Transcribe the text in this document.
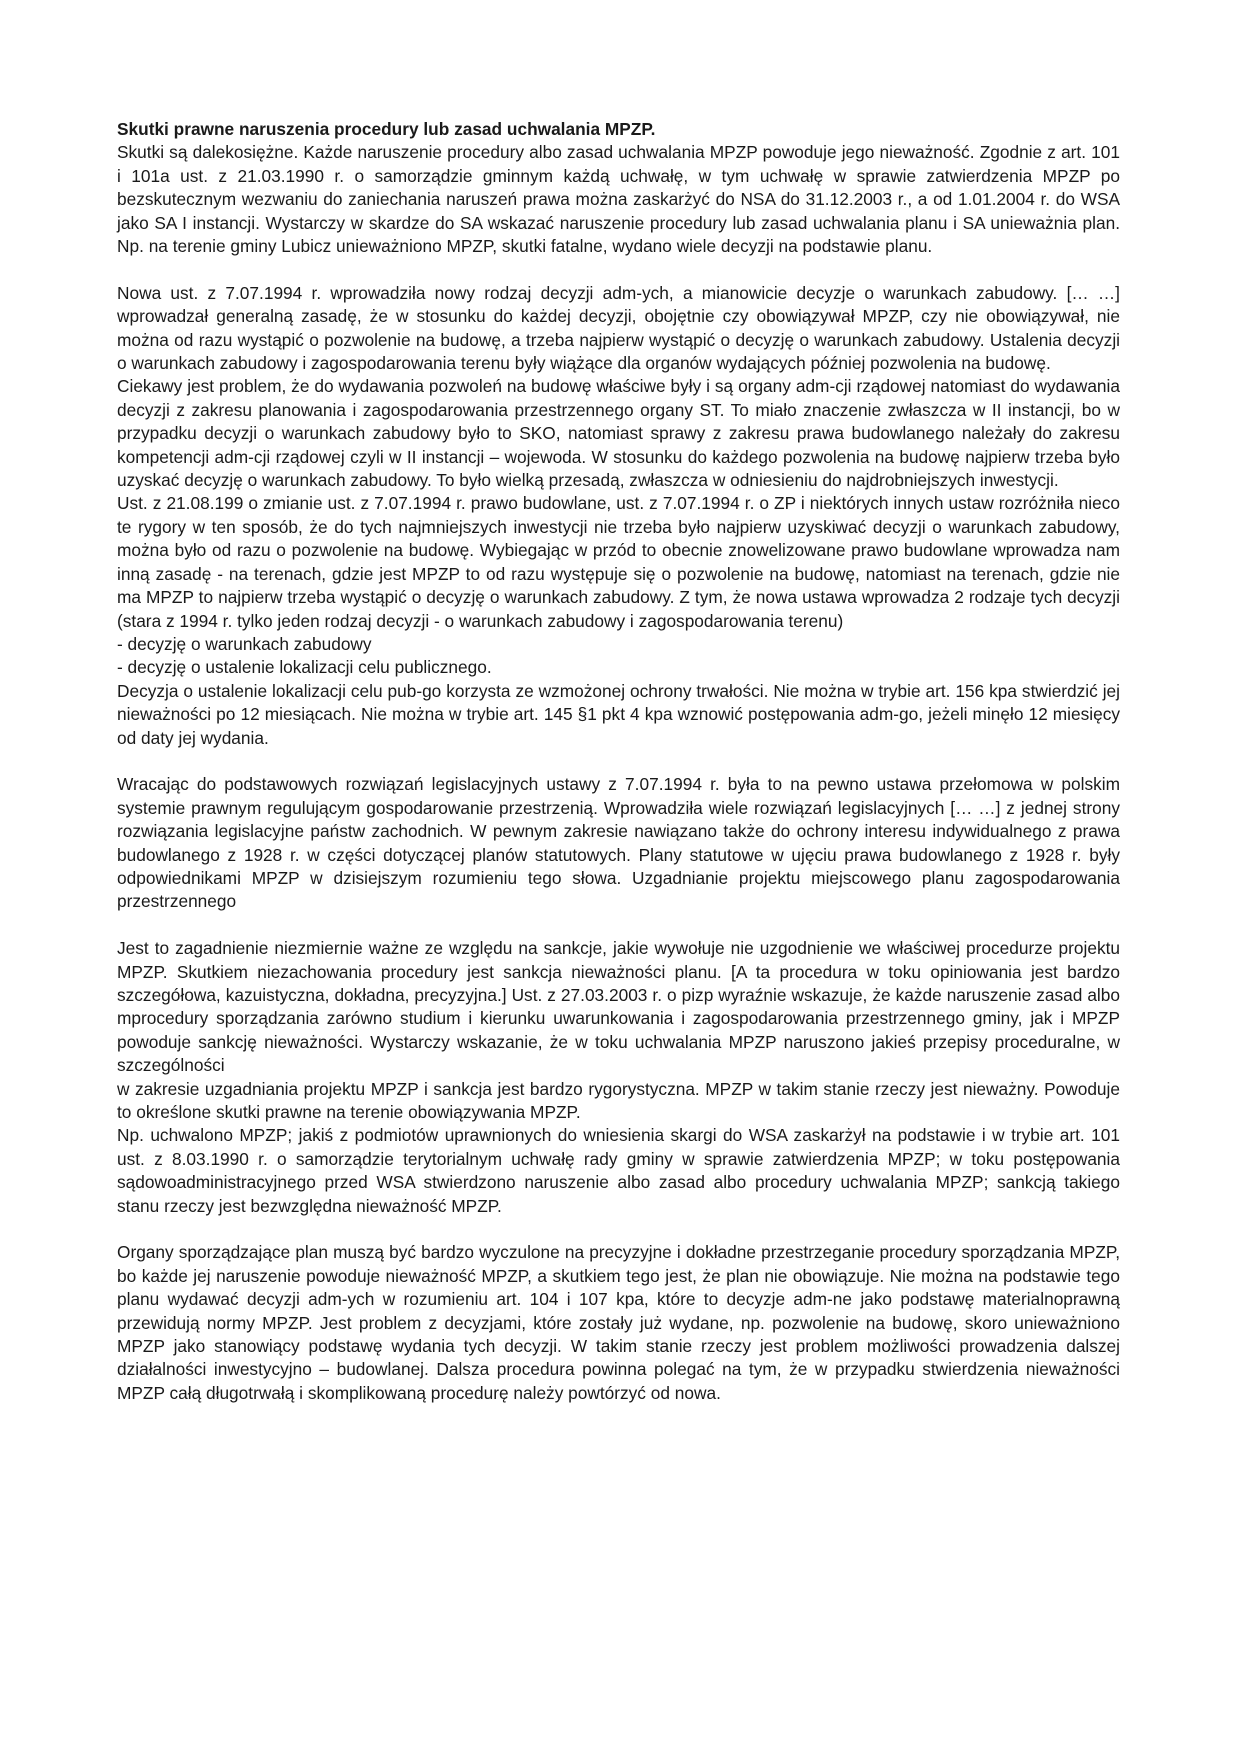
Skutki prawne naruszenia procedury lub zasad uchwalania MPZP.

Skutki są dalekosiężne. Każde naruszenie procedury albo zasad uchwalania MPZP powoduje jego nieważność. Zgodnie z art. 101 i 101a ust. z 21.03.1990 r. o samorządzie gminnym każdą uchwałę, w tym uchwałę w sprawie zatwierdzenia MPZP po bezskutecznym wezwaniu do zaniechania naruszeń prawa można zaskarżyć do NSA do 31.12.2003 r., a od 1.01.2004 r. do WSA jako SA I instancji. Wystarczy w skardze do SA wskazać naruszenie procedury lub zasad uchwalania planu i SA unieważnia plan. Np. na terenie gminy Lubicz unieważniono MPZP, skutki fatalne, wydano wiele decyzji na podstawie planu.

Nowa ust. z 7.07.1994 r. wprowadziła nowy rodzaj decyzji adm-ych, a mianowicie decyzje o warunkach zabudowy. [… …] wprowadzał generalną zasadę, że w stosunku do każdej decyzji, obojętnie czy obowiązywał MPZP, czy nie obowiązywał, nie można od razu wystąpić o pozwolenie na budowę, a trzeba najpierw wystąpić o decyzję o warunkach zabudowy. Ustalenia decyzji o warunkach zabudowy i zagospodarowania terenu były wiążące dla organów wydających później pozwolenia na budowę.

Ciekawy jest problem, że do wydawania pozwoleń na budowę właściwe były i są organy adm-cji rządowej natomiast do wydawania decyzji z zakresu planowania i zagospodarowania przestrzennego organy ST. To miało znaczenie zwłaszcza w II instancji, bo w przypadku decyzji o warunkach zabudowy było to SKO, natomiast sprawy z zakresu prawa budowlanego należały do zakresu kompetencji adm-cji rządowej czyli w II instancji – wojewoda. W stosunku do każdego pozwolenia na budowę najpierw trzeba było uzyskać decyzję o warunkach zabudowy. To było wielką przesadą, zwłaszcza w odniesieniu do najdrobniejszych inwestycji.

Ust. z 21.08.199 o zmianie ust. z 7.07.1994 r. prawo budowlane, ust. z 7.07.1994 r. o ZP i niektórych innych ustaw rozróżniła nieco te rygory w ten sposób, że do tych najmniejszych inwestycji nie trzeba było najpierw uzyskiwać decyzji o warunkach zabudowy, można było od razu o pozwolenie na budowę. Wybiegając w przód to obecnie znowelizowane prawo budowlane wprowadza nam inną zasadę - na terenach, gdzie jest MPZP to od razu występuje się o pozwolenie na budowę, natomiast na terenach, gdzie nie ma MPZP to najpierw trzeba wystąpić o decyzję o warunkach zabudowy. Z tym, że nowa ustawa wprowadza 2 rodzaje tych decyzji (stara z 1994 r. tylko jeden rodzaj decyzji - o warunkach zabudowy i zagospodarowania terenu)

- decyzję o warunkach zabudowy

- decyzję o ustalenie lokalizacji celu publicznego.

Decyzja o ustalenie lokalizacji celu pub-go korzysta ze wzmożonej ochrony trwałości. Nie można w trybie art. 156 kpa stwierdzić jej nieważności po 12 miesiącach. Nie można w trybie art. 145 §1 pkt 4 kpa wznowić postępowania adm-go, jeżeli minęło 12 miesięcy od daty jej wydania.

Wracając do podstawowych rozwiązań legislacyjnych ustawy z 7.07.1994 r. była to na pewno ustawa przełomowa w polskim systemie prawnym regulującym gospodarowanie przestrzenią. Wprowadziła wiele rozwiązań legislacyjnych [… …] z jednej strony rozwiązania legislacyjne państw zachodnich. W pewnym zakresie nawiązano także do ochrony interesu indywidualnego z prawa budowlanego z 1928 r. w części dotyczącej planów statutowych. Plany statutowe w ujęciu prawa budowlanego z 1928 r. były odpowiednikami MPZP w dzisiejszym rozumieniu tego słowa. Uzgadnianie projektu miejscowego planu zagospodarowania przestrzennego

Jest to zagadnienie niezmiernie ważne ze względu na sankcje, jakie wywołuje nie uzgodnienie we właściwej procedurze projektu MPZP. Skutkiem niezachowania procedury jest sankcja nieważności planu. [A ta procedura w toku opiniowania jest bardzo szczegółowa, kazuistyczna, dokładna, precyzyjna.] Ust. z 27.03.2003 r. o pizp wyraźnie wskazuje, że każde naruszenie zasad albo mprocedury sporządzania zarówno studium i kierunku uwarunkowania i zagospodarowania przestrzennego gminy, jak i MPZP powoduje sankcję nieważności. Wystarczy wskazanie, że w toku uchwalania MPZP naruszono jakieś przepisy proceduralne, w szczególności

w zakresie uzgadniania projektu MPZP i sankcja jest bardzo rygorystyczna. MPZP w takim stanie rzeczy jest nieważny. Powoduje to określone skutki prawne na terenie obowiązywania MPZP.

Np. uchwalono MPZP; jakiś z podmiotów uprawnionych do wniesienia skargi do WSA zaskarżył na podstawie i w trybie art. 101 ust. z 8.03.1990 r. o samorządzie terytorialnym uchwałę rady gminy w sprawie zatwierdzenia MPZP; w toku postępowania sądowoadministracyjnego przed WSA stwierdzono naruszenie albo zasad albo procedury uchwalania MPZP; sankcją takiego stanu rzeczy jest bezwzględna nieważność MPZP.

Organy sporządzające plan muszą być bardzo wyczulone na precyzyjne i dokładne przestrzeganie procedury sporządzania MPZP, bo każde jej naruszenie powoduje nieważność MPZP, a skutkiem tego jest, że plan nie obowiązuje. Nie można na podstawie tego planu wydawać decyzji adm-ych w rozumieniu art. 104 i 107 kpa, które to decyzje adm-ne jako podstawę materialnoprawną przewidują normy MPZP. Jest problem z decyzjami, które zostały już wydane, np. pozwolenie na budowę, skoro unieważniono MPZP jako stanowiący podstawę wydania tych decyzji. W takim stanie rzeczy jest problem możliwości prowadzenia dalszej działalności inwestycyjno – budowlanej. Dalsza procedura powinna polegać na tym, że w przypadku stwierdzenia nieważności MPZP całą długotrwałą i skomplikowaną procedurę należy powtórzyć od nowa.
